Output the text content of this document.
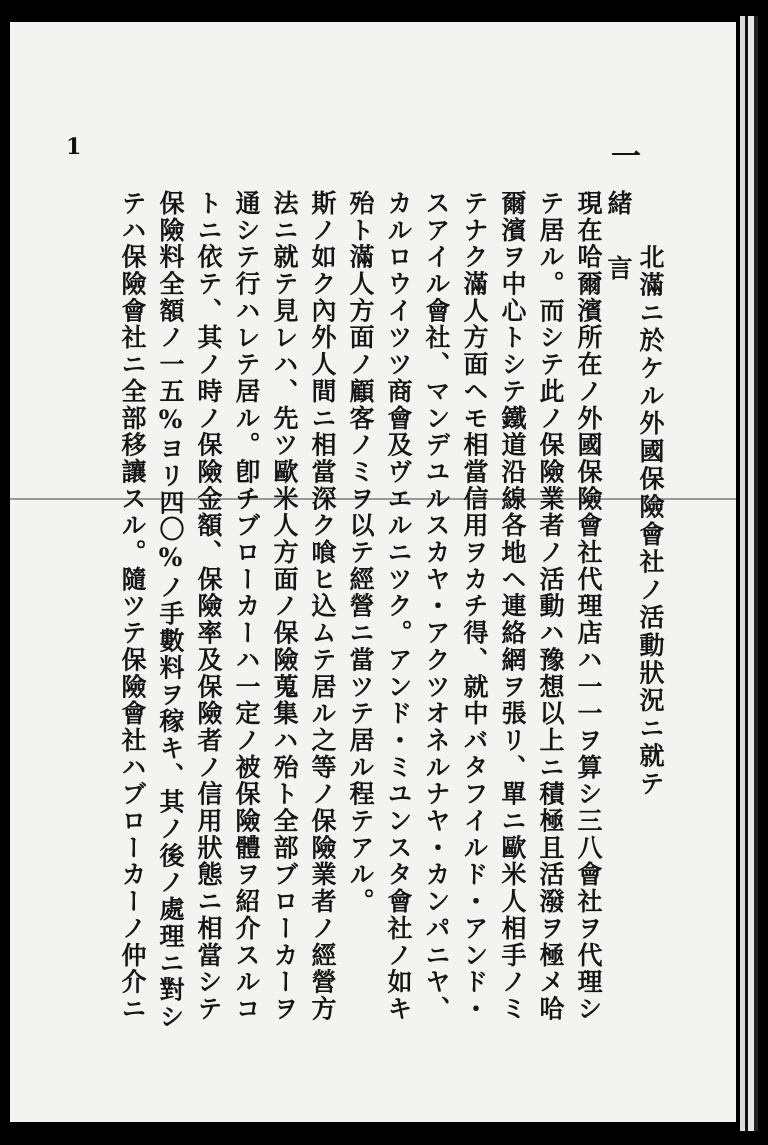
1
北滿ニ於ケル外國保險會社ノ活動狀況ニ就テ
一
緒言
現在哈爾濱所在ノ外國保險會社代理店ハ一一ヲ算シ三八會社ヲ代理シ
テ居ル。而シテ此ノ保險業者ノ活動ハ豫想以上ニ積極且活潑ヲ極メ哈
爾濱ヲ中心トシテ鐵道沿線各地ヘ連絡網ヲ張リ、單ニ歐米人相手ノミ
テナク滿人方面ヘモ相當信用ヲカチ得、就中バタフイルド・アンド・
スアイル會社、マンデユルスカヤ・アクツオネルナヤ・カンパニヤ、
カルロウイツツ商會及ヴエルニツク。アンド・ミユンスタ會社ノ如キ
殆ト滿人方面ノ顧客ノミヲ以テ經營ニ當ツテ居ル程テアル。
斯ノ如ク內外人間ニ相當深ク喰ヒ込ムテ居ル之等ノ保險業者ノ經營方
法ニ就テ見レハ、先ツ歐米人方面ノ保險蒐集ハ殆ト全部ブローカーヲ
通シテ行ハレテ居ル。卽チブローカーハ一定ノ被保險體ヲ紹介スルコ
トニ依テ、其ノ時ノ保險金額、保險率及保險者ノ信用狀態ニ相當シテ
保險料全額ノ一五%ヨリ四〇%ノ手數料ヲ稼キ、其ノ後ノ處理ニ對シ
テハ保險會社ニ全部移讓スル。隨ツテ保險會社ハブローカーノ仲介ニ
